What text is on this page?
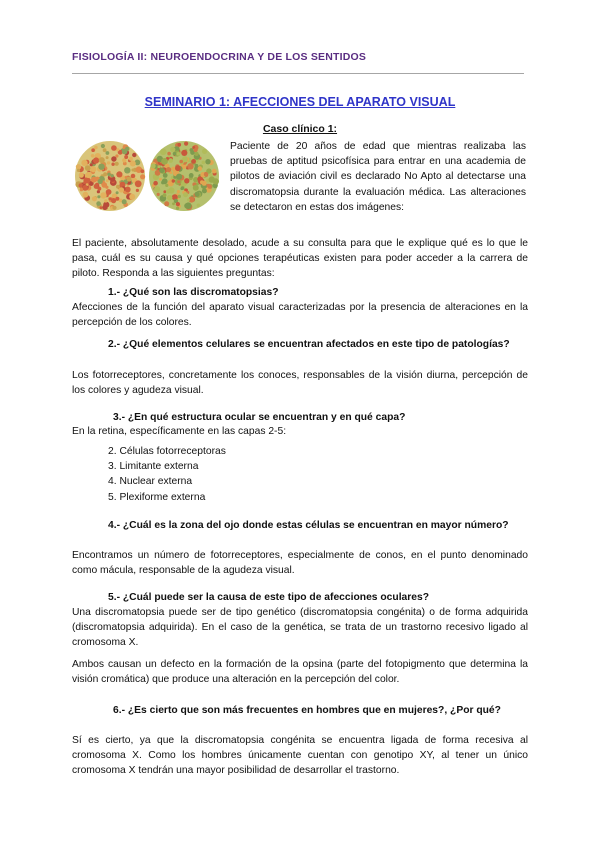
FISIOLOGÍA II: NEUROENDOCRINA Y DE LOS SENTIDOS
SEMINARIO 1: AFECCIONES DEL APARATO VISUAL
Caso clínico 1:

Paciente de 20 años de edad que mientras realizaba las pruebas de aptitud psicofísica para entrar en una academia de pilotos de aviación civil es declarado No Apto al detectarse una discromatopsia durante la evaluación médica. Las alteraciones se detectaron en estas dos imágenes:

El paciente, absolutamente desolado, acude a su consulta para que le explique qué es lo que le pasa, cuál es su causa y qué opciones terapéuticas existen para poder acceder a la carrera de piloto. Responda a las siguientes preguntas:

1.- ¿Qué son las discromatopsias?

Afecciones de la función del aparato visual caracterizadas por la presencia de alteraciones en la percepción de los colores.

2.- ¿Qué elementos celulares se encuentran afectados en este tipo de patologías?

Los fotorreceptores, concretamente los conoces, responsables de la visión diurna, percepción de los colores y agudeza visual.

3.- ¿En qué estructura ocular se encuentran y en qué capa?

En la retina, específicamente en las capas 2-5:

2. Células fotorreceptoras
3. Limitante externa
4. Nuclear externa
5. Plexiforme externa

4.- ¿Cuál es la zona del ojo donde estas células se encuentran en mayor número?

Encontramos un número de fotorreceptores, especialmente de conos, en el punto denominado como mácula, responsable de la agudeza visual.

5.- ¿Cuál puede ser la causa de este tipo de afecciones oculares?

Una discromatopsia puede ser de tipo genético (discromatopsia congénita) o de forma adquirida (discromatopsia adquirida). En el caso de la genética, se trata de un trastorno recesivo ligado al cromosoma X.

Ambos causan un defecto en la formación de la opsina (parte del fotopigmento que determina la visión cromática) que produce una alteración en la percepción del color.

6.- ¿Es cierto que son más frecuentes en hombres que en mujeres?, ¿Por qué?

Sí es cierto, ya que la discromatopsia congénita se encuentra ligada de forma recesiva al cromosoma X. Como los hombres únicamente cuentan con genotipo XY, al tener un único cromosoma X tendrán una mayor posibilidad de desarrollar el trastorno.
